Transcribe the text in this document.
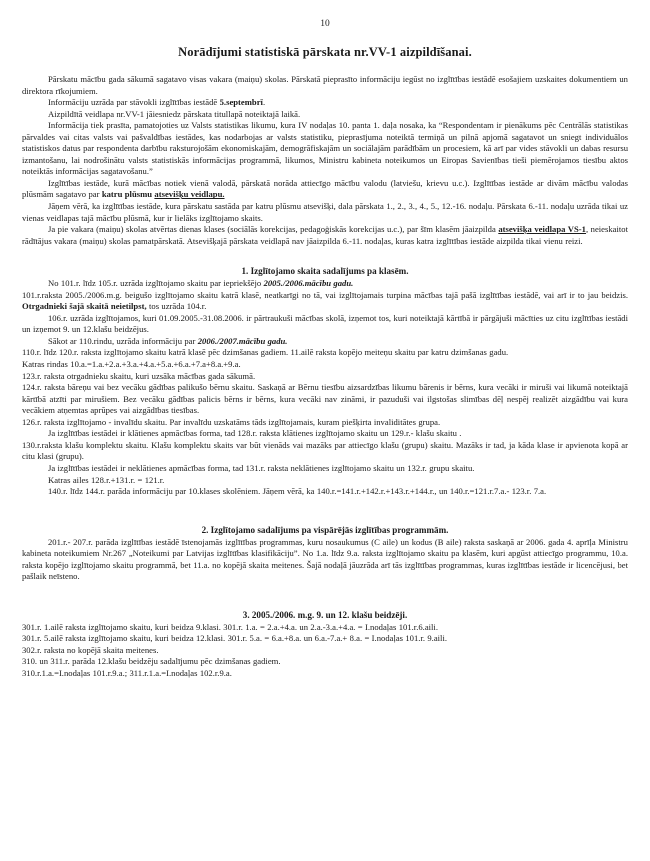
10
Norādījumi statistiskā pārskata nr.VV-1 aizpildīšanai.

Pārskatu mācību gada sākumā sagatavo visas vakara (maiņu) skolas. Pārskatā pieprasīto informāciju iegūst no izglītības iestādē esošajiem uzskaites dokumentiem un direktora rīkojumiem.

Informāciju uzrāda par stāvokli izglītības iestādē 5.septembrī.

Aizpildītā veidlapa nr.VV-1 jāiesniedz pārskata titullapā noteiktajā laikā.

Informācija tiek prasīta, pamatojoties uz Valsts statistikas likumu, kura IV nodaļas 10. panta 1. daļa nosaka, ka “Respondentam ir pienākums pēc Centrālās statistikas pārvaldes vai citas valsts vai pašvaldības iestādes, kas nodarbojas ar valsts statistiku, pieprasījuma noteiktā termiņā un pilnā apjomā sagatavot un sniegt individuālos statistiskos datus par respondenta darbību raksturojošām ekonomiskajām, demogrāfiskajām un sociālajām parādībām un procesiem, kā arī par vides stāvokli un dabas resursu izmantošanu, lai nodrošinātu valsts statistiskās informācijas programmā, likumos, Ministru kabineta noteikumos un Eiropas Savienības tieši piemērojamos tiesību aktos noteiktās informācijas sagatavošanu.”

Izglītības iestāde, kurā mācības notiek vienā valodā, pārskatā norāda attiecīgo mācību valodu (latviešu, krievu u.c.). Izglītības iestāde ar divām mācību valodas plūsmām sagatavo par katru plūsmu atsevišķu veidlapu.

Jāņem vērā, ka izglītības iestāde, kura pārskatu sastāda par katru plūsmu atsevišķi, dala pārskata 1., 2., 3., 4., 5., 12.-16. nodaļu. Pārskata 6.-11. nodaļu uzrāda tikai uz vienas veidlapas tajā mācību plūsmā, kur ir lielāks izglītojamo skaits.

Ja pie vakara (maiņu) skolas atvērtas dienas klases (sociālās korekcijas, pedagoģiskās korekcijas u.c.), par šīm klasēm jāaizpilda atsevišķa veidlapa VS-1, neieskaitot rādītājus vakara (maiņu) skolas pamatpārskatā. Atsevišķajā pārskata veidlapā nav jāaizpilda 6.-11. nodaļas, kuras katra izglītības iestāde aizpilda tikai vienu reizi.

1. Izglītojamo skaita sadalījums pa klasēm.

No 101.r. līdz 105.r. uzrāda izglītojamo skaitu par iepriekšējo 2005./2006.mācību gadu.

101.r.raksta 2005./2006.m.g. beigušo izglītojamo skaitu katrā klasē, neatkarīgi no tā, vai izglītojamais turpina mācības tajā pašā izglītības iestādē, vai arī ir to jau beidzis. Otrgadnieki šajā skaitā neietilpst, tos uzrāda 104.r.

106.r. uzrāda izglītojamos, kuri 01.09.2005.-31.08.2006. ir pārtraukuši mācības skolā, izņemot tos, kuri noteiktajā kārtībā ir pārgājuši mācīties uz citu izglītības iestādi un izņemot 9. un 12.klašu beidzējus.

Sākot ar 110.rindu, uzrāda informāciju par 2006./2007.mācību gadu.

110.r. līdz 120.r. raksta izglītojamo skaitu katrā klasē pēc dzimšanas gadiem. 11.ailē raksta kopējo meiteņu skaitu par katru dzimšanas gadu.

Katras rindas 10.a.=1.a.+2.a.+3.a.+4.a.+5.a.+6.a.+7.a+8.a.+9.a.

123.r. raksta otrgadnieku skaitu, kuri uzsāka mācības gada sākumā.

124.r. raksta bāreņu vai bez vecāku gādības palikušo bērnu skaitu. Saskaņā ar Bērnu tiesību aizsardzības likumu bārenis ir bērns, kura vecāki ir miruši vai likumā noteiktajā kārtībā atzīti par mirušiem. Bez vecāku gādības palicis bērns ir bērns, kura vecāki nav zināmi, ir pazuduši vai ilgstošas slimības dēļ nespēj realizēt aizgādību vai kura vecākiem atņemtas aprūpes vai aizgādības tiesības.

126.r. raksta izglītojamo - invalīdu skaitu. Par invalīdu uzskatāms tāds izglītojamais, kuram piešķirta invaliditātes grupa.

Ja izglītības iestādei ir klātienes apmācības forma, tad 128.r. raksta klātienes izglītojamo skaitu un 129.r.- klašu skaitu .

130.r.raksta klašu komplektu skaitu. Klašu komplektu skaits var būt vienāds vai mazāks par attiecīgo klašu (grupu) skaitu. Mazāks ir tad, ja kāda klase ir apvienota kopā ar citu klasi (grupu).

Ja izglītības iestādei ir neklātienes apmācības forma, tad 131.r. raksta neklātienes izglītojamo skaitu un 132.r. grupu skaitu.

Katras ailes 128.r.+131.r. = 121.r.

140.r. līdz 144.r. parāda informāciju par 10.klases skolēniem. Jāņem vērā, ka 140.r.=141.r.+142.r.+143.r.+144.r., un 140.r.=121.r.7.a.- 123.r. 7.a.

2. Izglītojamo sadalījums pa vispārējās izglītības programmām.

201.r.- 207.r. parāda izglītības iestādē īstenojamās izglītības programmas, kuru nosaukumus (C aile) un kodus (B aile) raksta saskaņā ar 2006. gada 4. aprīļa Ministru kabineta noteikumiem Nr.267 „Noteikumi par Latvijas izglītības klasifikāciju”. No 1.a. līdz 9.a. raksta izglītojamo skaitu pa klasēm, kuri apgūst attiecīgo programmu, 10.a. raksta kopējo izglītojamo skaitu programmā, bet 11.a. no kopējā skaita meitenes. Šajā nodaļā jāuzrāda arī tās izglītības programmas, kuras izglītības iestāde ir licencējusi, bet pašlaik neīsteno.

3. 2005./2006. m.g. 9. un 12. klašu beidzēji.

301.r. 1.ailē raksta izglītojamo skaitu, kuri beidza 9.klasi. 301.r. 1.a. = 2.a.+4.a. un 2.a.-3.a.+4.a. = I.nodaļas 101.r.6.aili.

301.r. 5.ailē raksta izglītojamo skaitu, kuri beidza 12.klasi. 301.r. 5.a. = 6.a.+8.a. un 6.a.-7.a.+ 8.a. = I.nodaļas 101.r. 9.aili.

302.r. raksta no kopējā skaita meitenes.

310. un 311.r. parāda 12.klašu beidzēju sadalījumu pēc dzimšanas gadiem.

310.r.1.a.=I.nodaļas 101.r.9.a.; 311.r.1.a.=I.nodaļas 102.r.9.a.
